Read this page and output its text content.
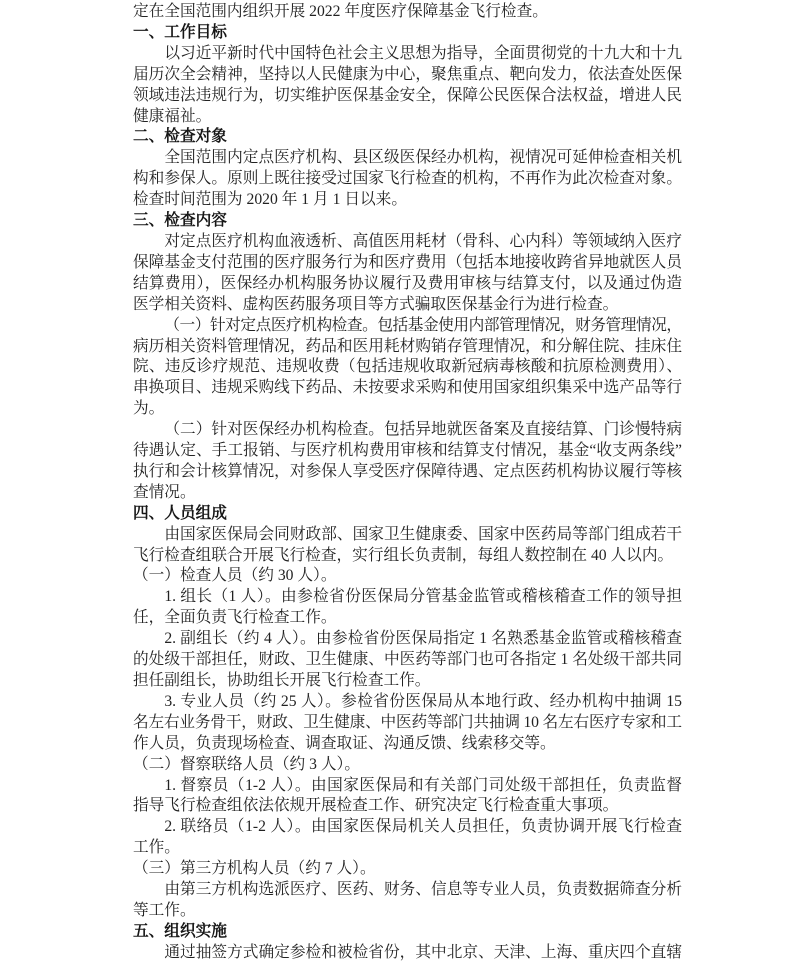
定在全国范围内组织开展 2022 年度医疗保障基金飞行检查。
一、工作目标
以习近平新时代中国特色社会主义思想为指导，全面贯彻党的十九大和十九
届历次全会精神，坚持以人民健康为中心，聚焦重点、靶向发力，依法查处医保
领域违法违规行为，切实维护医保基金安全，保障公民医保合法权益，增进人民
健康福祉。
二、检查对象
全国范围内定点医疗机构、县区级医保经办机构，视情况可延伸检查相关机
构和参保人。原则上既往接受过国家飞行检查的机构，不再作为此次检查对象。
检查时间范围为 2020 年 1 月 1 日以来。
三、检查内容
对定点医疗机构血液透析、高值医用耗材（骨科、心内科）等领域纳入医疗
保障基金支付范围的医疗服务行为和医疗费用（包括本地接收跨省异地就医人员
结算费用），医保经办机构服务协议履行及费用审核与结算支付，以及通过伪造
医学相关资料、虚构医药服务项目等方式骗取医保基金行为进行检查。
（一）针对定点医疗机构检查。包括基金使用内部管理情况，财务管理情况，
病历相关资料管理情况，药品和医用耗材购销存管理情况，和分解住院、挂床住
院、违反诊疗规范、违规收费（包括违规收取新冠病毒核酸和抗原检测费用）、
串换项目、违规采购线下药品、未按要求采购和使用国家组织集采中选产品等行
为。
（二）针对医保经办机构检查。包括异地就医备案及直接结算、门诊慢特病
待遇认定、手工报销、与医疗机构费用审核和结算支付情况，基金“收支两条线”
执行和会计核算情况，对参保人享受医疗保障待遇、定点医药机构协议履行等核
查情况。
四、人员组成
由国家医保局会同财政部、国家卫生健康委、国家中医药局等部门组成若干
飞行检查组联合开展飞行检查，实行组长负责制，每组人数控制在 40 人以内。
（一）检查人员（约 30 人）。
1. 组长（1 人）。由参检省份医保局分管基金监管或稽核稽查工作的领导担
任，全面负责飞行检查工作。
2. 副组长（约 4 人）。由参检省份医保局指定 1 名熟悉基金监管或稽核稽查
的处级干部担任，财政、卫生健康、中医药等部门也可各指定 1 名处级干部共同
担任副组长，协助组长开展飞行检查工作。
3. 专业人员（约 25 人）。参检省份医保局从本地行政、经办机构中抽调 15
名左右业务骨干，财政、卫生健康、中医药等部门共抽调 10 名左右医疗专家和工
作人员，负责现场检查、调查取证、沟通反馈、线索移交等。
（二）督察联络人员（约 3 人）。
1. 督察员（1-2 人）。由国家医保局和有关部门司处级干部担任，负责监督
指导飞行检查组依法依规开展检查工作、研究决定飞行检查重大事项。
2. 联络员（1-2 人）。由国家医保局机关人员担任，负责协调开展飞行检查
工作。
（三）第三方机构人员（约 7 人）。
由第三方机构选派医疗、医药、财务、信息等专业人员，负责数据筛查分析
等工作。
五、组织实施
通过抽签方式确定参检和被检省份，其中北京、天津、上海、重庆四个直辖
